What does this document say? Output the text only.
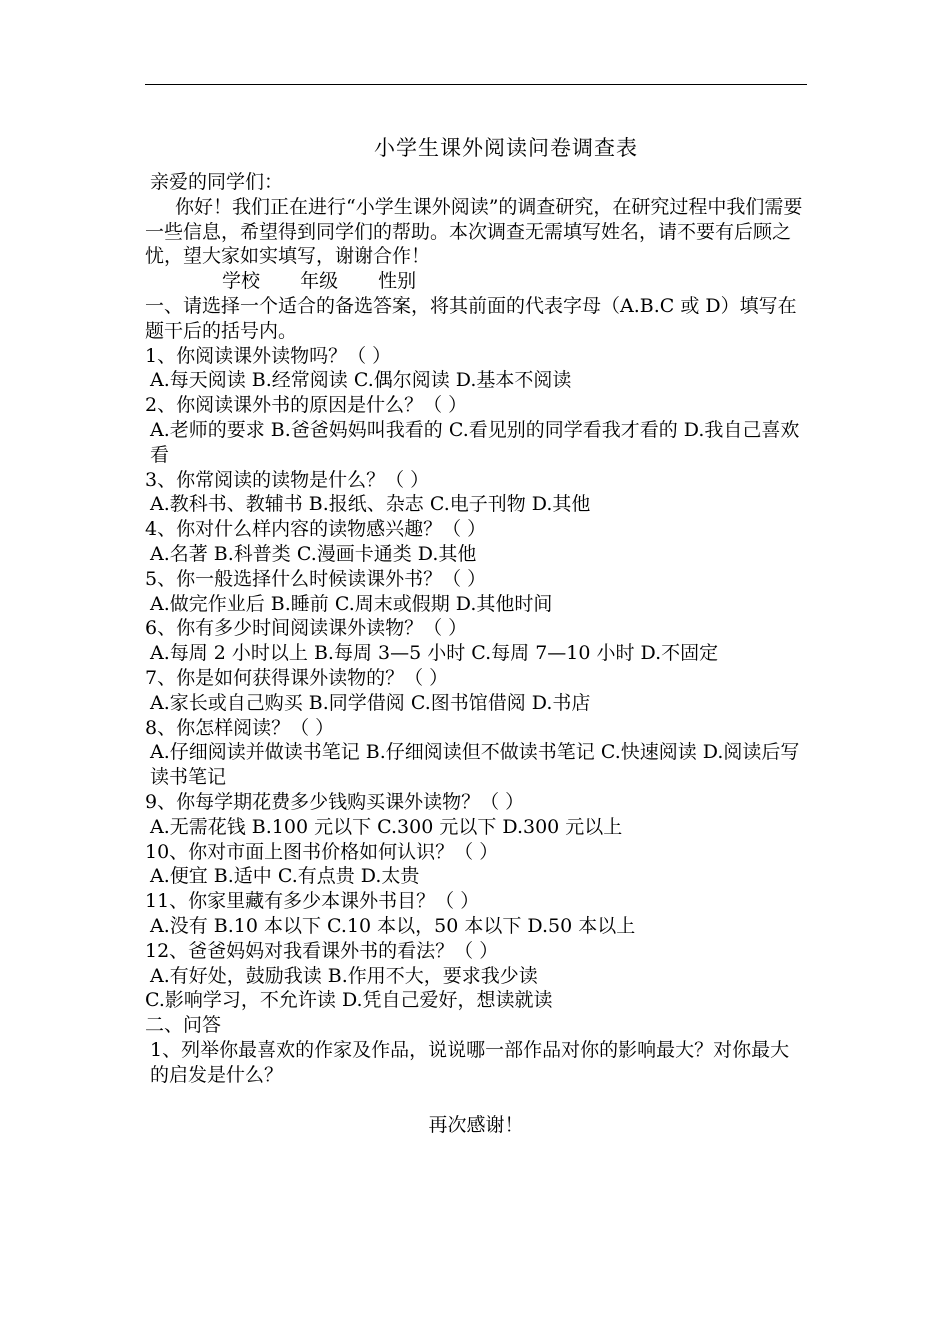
小学生课外阅读问卷调查表

亲爱的同学们：

你好！我们正在进行“小学生课外阅读”的调查研究，在研究过程中我们需要一些信息，希望得到同学们的帮助。本次调查无需填写姓名，请不要有后顾之忧，望大家如实填写，谢谢合作！

学校 年级 性别

一、请选择一个适合的备选答案，将其前面的代表字母（A.B.C 或 D）填写在题干后的括号内。

1、你阅读课外读物吗？（ ）

A.每天阅读 B.经常阅读 C.偶尔阅读 D.基本不阅读

2、你阅读课外书的原因是什么？（ ）

A.老师的要求 B.爸爸妈妈叫我看的 C.看见别的同学看我才看的 D.我自己喜欢看

3、你常阅读的读物是什么？（ ）

A.教科书、教辅书 B.报纸、杂志 C.电子刊物 D.其他

4、你对什么样内容的读物感兴趣？（ ）

A.名著 B.科普类 C.漫画卡通类 D.其他

5、你一般选择什么时候读课外书？（ ）

A.做完作业后 B.睡前 C.周末或假期 D.其他时间

6、你有多少时间阅读课外读物？（ ）

A.每周 2 小时以上 B.每周 3—5 小时 C.每周 7—10 小时 D.不固定

7、你是如何获得课外读物的？（ ）

A.家长或自己购买 B.同学借阅 C.图书馆借阅 D.书店

8、你怎样阅读？（ ）

A.仔细阅读并做读书笔记 B.仔细阅读但不做读书笔记 C.快速阅读 D.阅读后写读书笔记

9、你每学期花费多少钱购买课外读物？（ ）

A.无需花钱 B.100 元以下 C.300 元以下 D.300 元以上

10、你对市面上图书价格如何认识？（ ）

A.便宜 B.适中 C.有点贵 D.太贵

11、你家里藏有多少本课外书目？（ ）

A.没有 B.10 本以下 C.10 本以，50 本以下 D.50 本以上

12、爸爸妈妈对我看课外书的看法？（ ）

A.有好处，鼓励我读 B.作用不大，要求我少读

C.影响学习，不允许读 D.凭自己爱好，想读就读

二、问答

1、列举你最喜欢的作家及作品，说说哪一部作品对你的影响最大？对你最大的启发是什么？

再次感谢！
